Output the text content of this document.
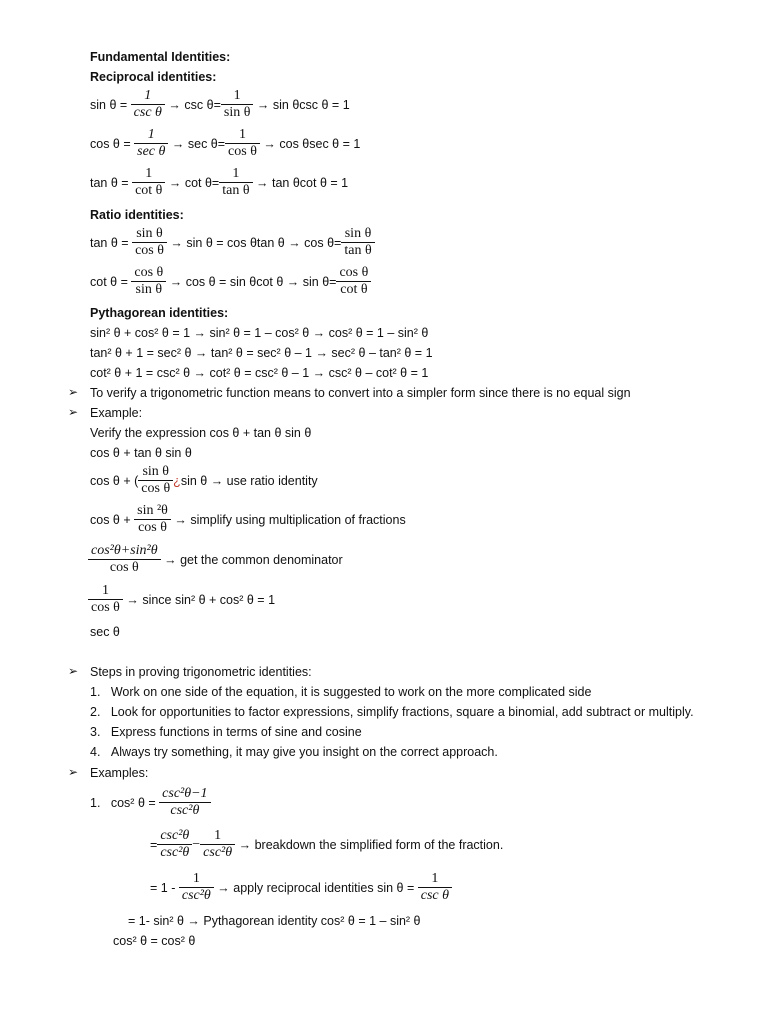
Fundamental Identities:
Reciprocal identities:
sin θ =
$\frac{1}{\text{csc θ}}$
→ $\csc \theta= \frac{1}{\text{sin θ}}$
→ sin θcsc θ = 1
cos θ =
$\frac{1}{\text{sec θ}}$
→ $\sec \theta= \frac{1}{\text{cos θ}}$
→ cos θsec θ = 1
tan θ =
$\frac{1}{\text{cot θ}}$
→ $\cot \theta= \frac{1}{\text{tan θ}}$
→ tan θcot θ = 1
Ratio identities:
tan θ =
$\frac{\text{sin θ}}{\text{cos θ}}$
→ sin θ = cos θtan $\theta \to \cos \theta= \frac{\text{sin θ}}{\text{tan θ}}$
cot θ =
$\frac{\text{cos θ}}{\text{sin θ}}$
→ cos θ = sin θcot $\theta \to \sin \theta= \frac{\text{cos θ}}{\text{cot θ}}$
Pythagorean identities:
sin² θ + cos² θ = 1 → sin² θ = 1 – cos² θ → cos² θ = 1 – sin² θ
tan² θ + 1 = sec² θ → tan² θ = sec² θ – 1 → sec² θ – tan² θ = 1
cot² θ + 1 = csc² θ → cot² θ = csc² θ – 1 → csc² θ – cot² θ = 1
➢ To verify a trigonometric function means to convert into a simpler form since there is no equal sign
➢ Example:
Verify the expression cos θ + tan θ sin θ
cos θ + tan θ sin θ
cos θ + ( $\frac{\text{sin θ}}{\text{cos θ}}$ ¿ sin θ → use ratio identity
cos θ +
$\frac{\text{sin ²θ}}{\text{cos θ}}$
→ simplify using multiplication of fractions
$\frac{\text{cos²θ+sin²θ}}{\text{cos θ}}$
→ get the common denominator
$\frac{1}{\text{cos θ}}$
→ since sin² θ + cos² θ = 1
sec θ
➢ Steps in proving trigonometric identities:
1. Work on one side of the equation, it is suggested to work on the more complicated side
2. Look for opportunities to factor expressions, simplify fractions, square a binomial, add subtract or multiply.
3. Express functions in terms of sine and cosine
4. Always try something, it may give you insight on the correct approach.
➢ Examples:
1.
cos² θ =
$\frac{\text{csc²θ−1}}{\text{csc²θ}}$
= $\frac{\text{csc²θ}}{\text{csc²θ}} - \frac{1}{\text{csc²θ}}$
→ breakdown the simplified form of the fraction.
= 1 -
$\frac{1}{\text{csc²θ}}$
→ apply reciprocal identities sin θ =
$\frac{1}{\text{csc θ}}$
= 1- sin² θ → Pythagorean identity cos² θ = 1 – sin² θ
cos² θ = cos² θ
